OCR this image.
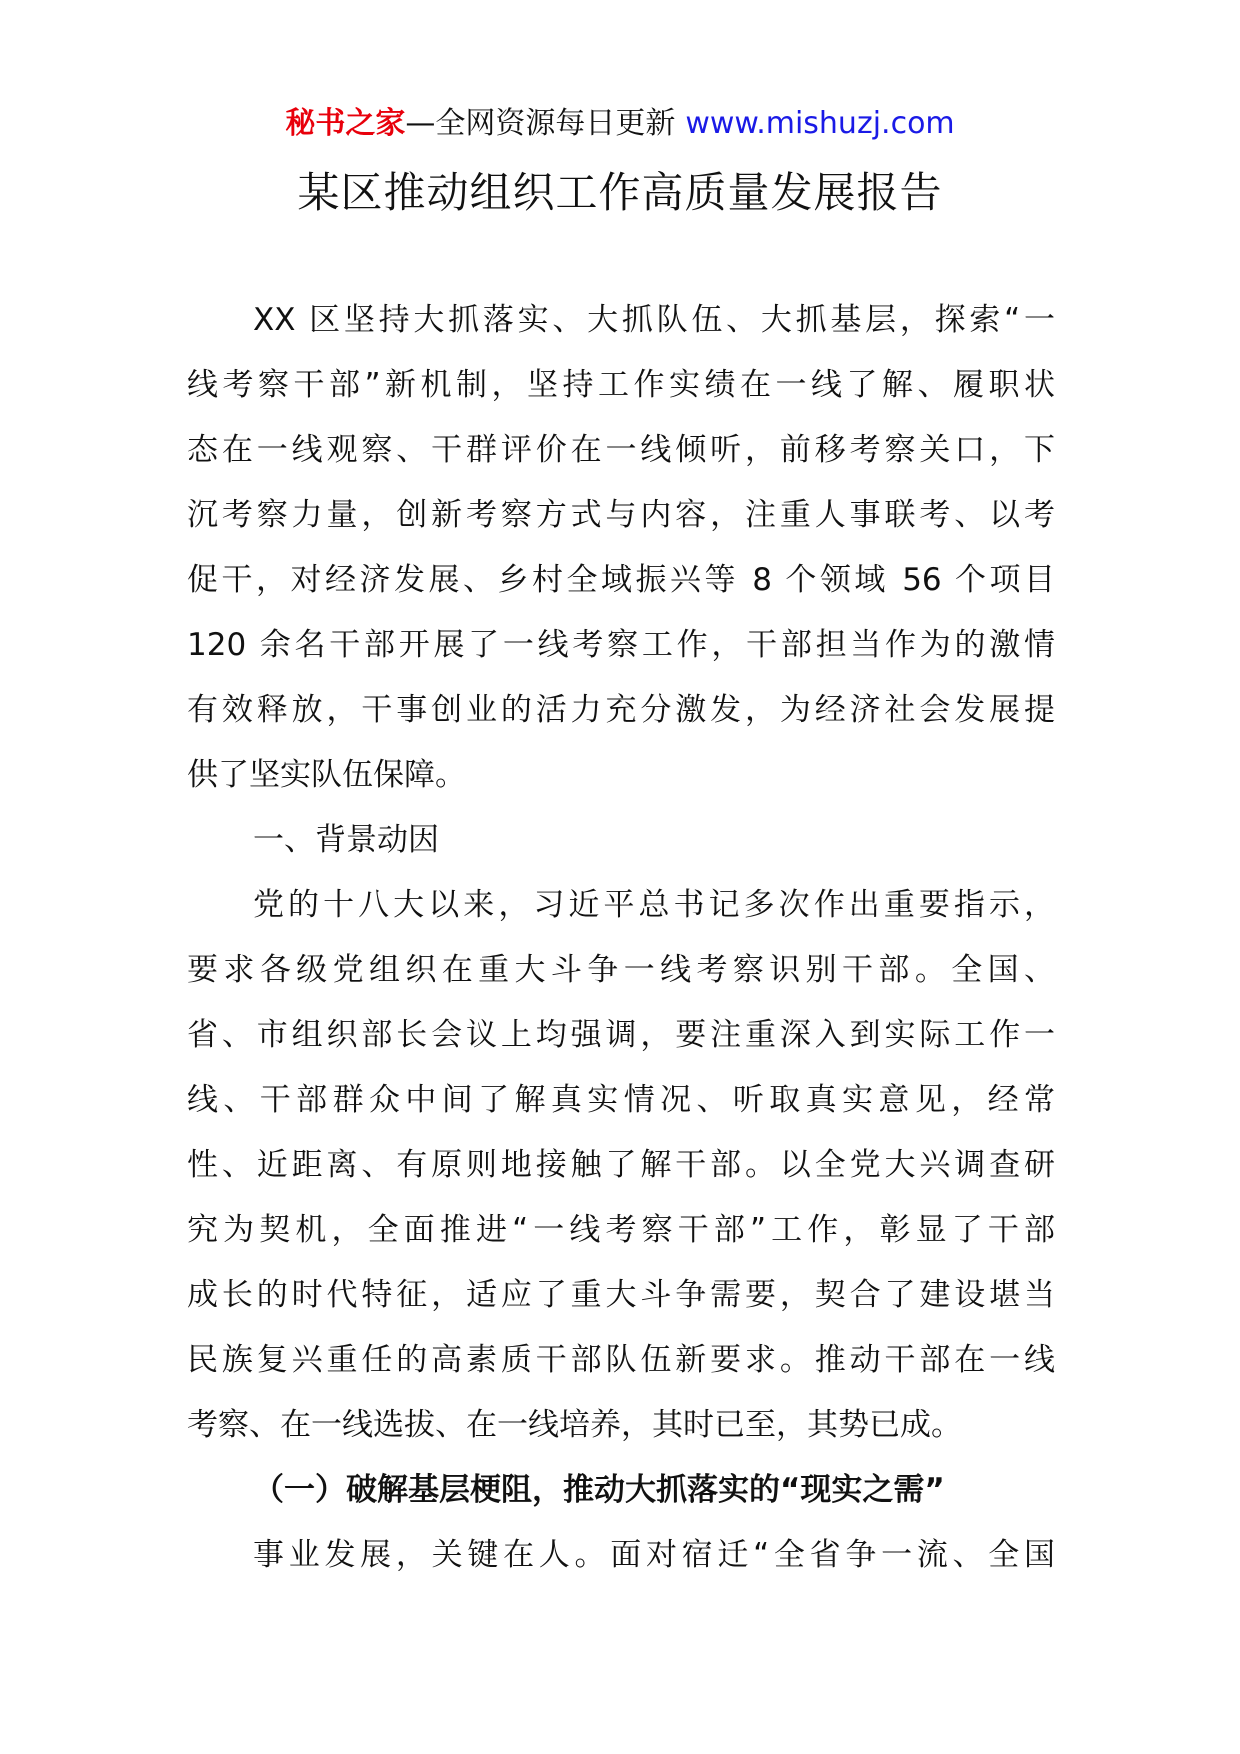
秘书之家—全网资源每日更新 www.mishuzj.com
某区推动组织工作高质量发展报告
XX 区坚持大抓落实、大抓队伍、大抓基层，探索“一
线考察干部”新机制，坚持工作实绩在一线了解、履职状
态在一线观察、干群评价在一线倾听，前移考察关口，下
沉考察力量，创新考察方式与内容，注重人事联考、以考
促干，对经济发展、乡村全域振兴等 8 个领域 56 个项目
120 余名干部开展了一线考察工作，干部担当作为的激情
有效释放，干事创业的活力充分激发，为经济社会发展提
供了坚实队伍保障。
一、背景动因
党的十八大以来，习近平总书记多次作出重要指示，
要求各级党组织在重大斗争一线考察识别干部。全国、
省、市组织部长会议上均强调，要注重深入到实际工作一
线、干部群众中间了解真实情况、听取真实意见，经常
性、近距离、有原则地接触了解干部。以全党大兴调查研
究为契机，全面推进“一线考察干部”工作，彰显了干部
成长的时代特征，适应了重大斗争需要，契合了建设堪当
民族复兴重任的高素质干部队伍新要求。推动干部在一线
考察、在一线选拔、在一线培养，其时已至，其势已成。
（一）破解基层梗阻，推动大抓落实的“现实之需”
事业发展，关键在人。面对宿迁“全省争一流、全国
